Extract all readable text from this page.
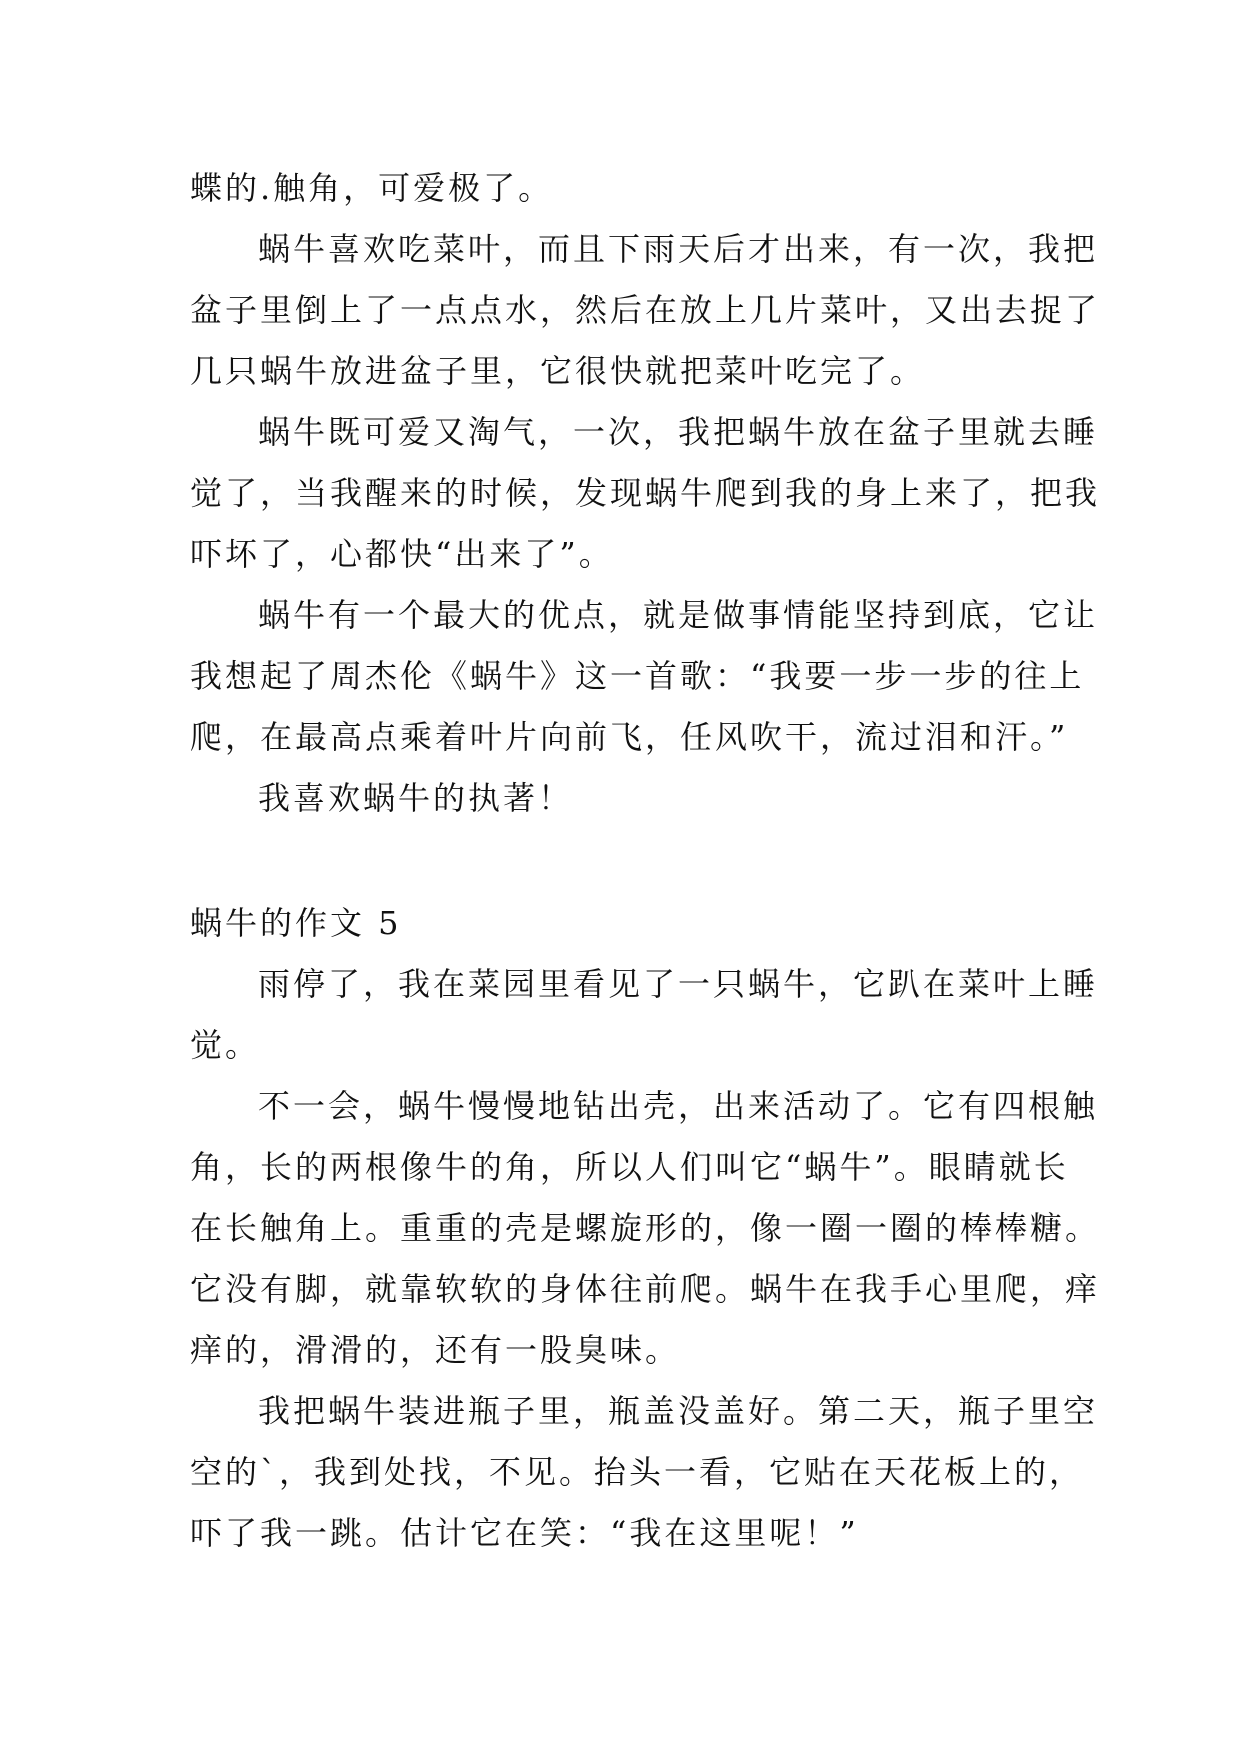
蝶的.触角，可爱极了。
蜗牛喜欢吃菜叶，而且下雨天后才出来，有一次，我把
盆子里倒上了一点点水，然后在放上几片菜叶，又出去捉了
几只蜗牛放进盆子里，它很快就把菜叶吃完了。
蜗牛既可爱又淘气，一次，我把蜗牛放在盆子里就去睡
觉了，当我醒来的时候，发现蜗牛爬到我的身上来了，把我
吓坏了，心都快“出来了”。
蜗牛有一个最大的优点，就是做事情能坚持到底，它让
我想起了周杰伦《蜗牛》这一首歌：“我要一步一步的往上
爬，在最高点乘着叶片向前飞，任风吹干，流过泪和汗。”
我喜欢蜗牛的执著！
蜗牛的作文 5
雨停了，我在菜园里看见了一只蜗牛，它趴在菜叶上睡
觉。
不一会，蜗牛慢慢地钻出壳，出来活动了。它有四根触
角，长的两根像牛的角，所以人们叫它“蜗牛”。眼睛就长
在长触角上。重重的壳是螺旋形的，像一圈一圈的棒棒糖。
它没有脚，就靠软软的身体往前爬。蜗牛在我手心里爬，痒
痒的，滑滑的，还有一股臭味。
我把蜗牛装进瓶子里，瓶盖没盖好。第二天，瓶子里空
空的`，我到处找，不见。抬头一看，它贴在天花板上的，
吓了我一跳。估计它在笑：“我在这里呢！”
